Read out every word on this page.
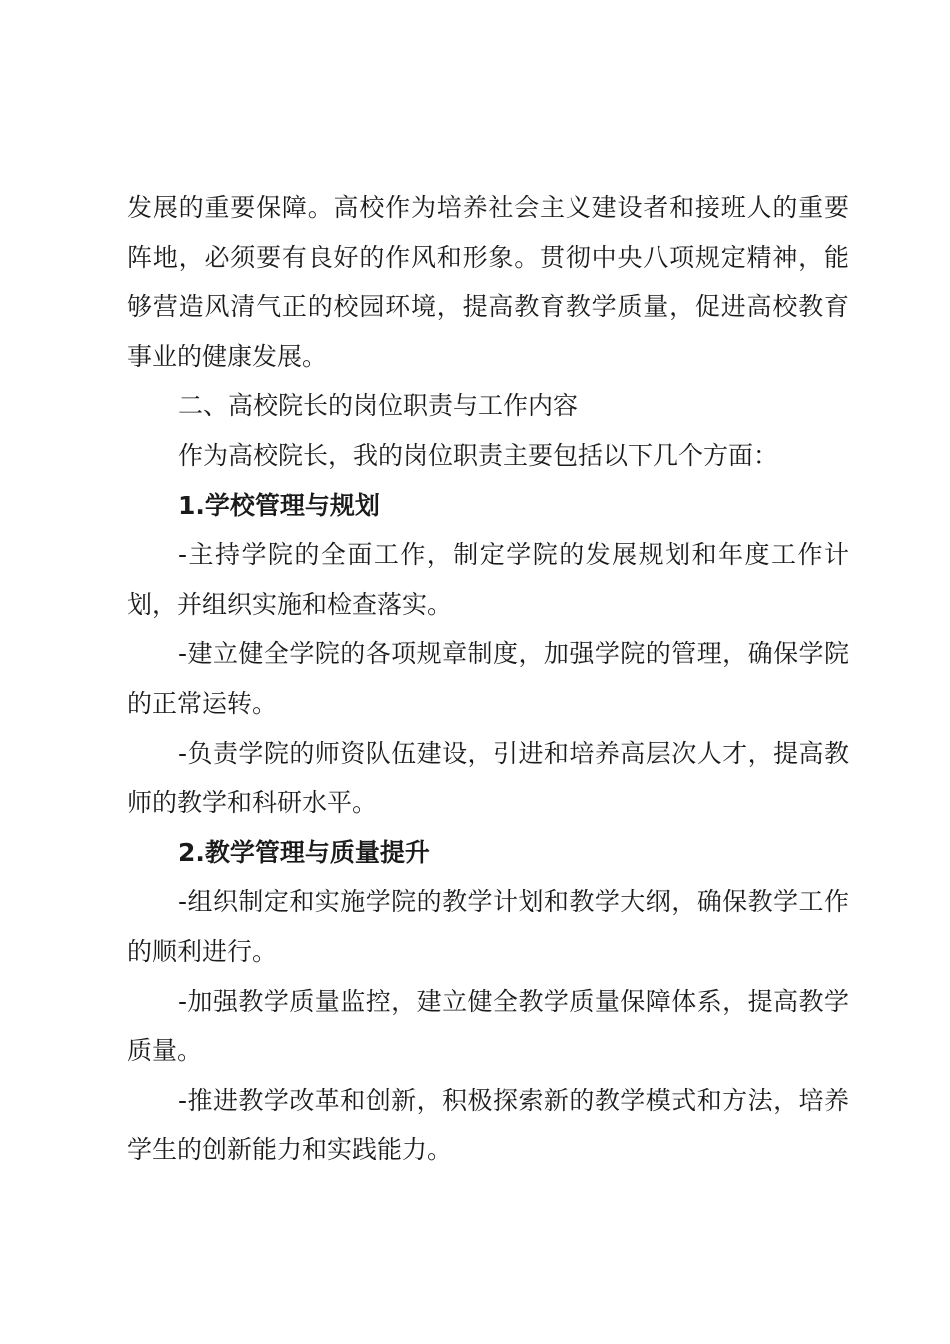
发展的重要保障。高校作为培养社会主义建设者和接班人的重要阵地，必须要有良好的作风和形象。贯彻中央八项规定精神，能够营造风清气正的校园环境，提高教育教学质量，促进高校教育事业的健康发展。

二、高校院长的岗位职责与工作内容

作为高校院长，我的岗位职责主要包括以下几个方面：

1.学校管理与规划

-主持学院的全面工作，制定学院的发展规划和年度工作计划，并组织实施和检查落实。

-建立健全学院的各项规章制度，加强学院的管理，确保学院的正常运转。

-负责学院的师资队伍建设，引进和培养高层次人才，提高教师的教学和科研水平。

2.教学管理与质量提升

-组织制定和实施学院的教学计划和教学大纲，确保教学工作的顺利进行。

-加强教学质量监控，建立健全教学质量保障体系，提高教学质量。

-推进教学改革和创新，积极探索新的教学模式和方法，培养学生的创新能力和实践能力。
